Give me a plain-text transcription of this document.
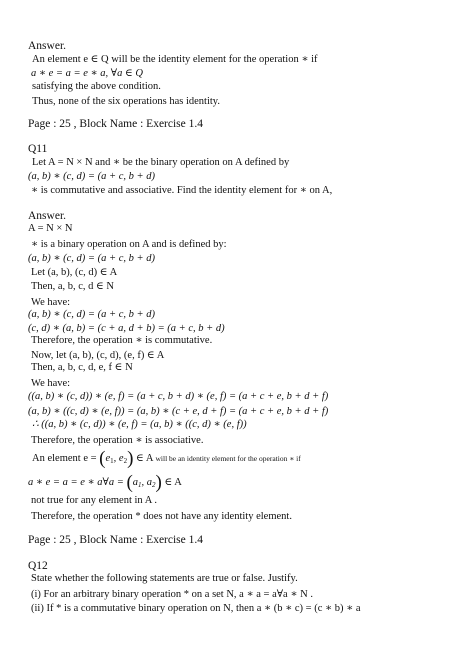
Answer.
An element e ∈ Q will be the identity element for the operation ∗ if
a ∗ e = a = e ∗ a, ∀a ∈ Q
satisfying the above condition.
Thus, none of the six operations has identity.
Page : 25 , Block Name : Exercise 1.4
Q11
Let A = N × N and ∗ be the binary operation on A defined by
(a, b) ∗ (c, d) = (a + c, b + d)
∗ is commutative and associative. Find the identity element for ∗ on A,
Answer.
A = N × N
∗ is a binary operation on A and is defined by:
(a, b) ∗ (c, d) = (a + c, b + d)
Let (a, b), (c, d) ∈ A
Then, a, b, c, d ∈ N
We have:
(a, b) ∗ (c, d) = (a + c, b + d)
(c, d) ∗ (a, b) = (c + a, d + b) = (a + c, b + d)
Therefore, the operation ∗ is commutative.
Now, let (a, b), (c, d), (e, f) ∈ A
Then, a, b, c, d, e, f ∈ N
We have:
((a, b) ∗ (c, d)) ∗ (e, f) = (a + c, b + d) ∗ (e, f) = (a + c + e, b + d + f)
(a, b) ∗ ((c, d) ∗ (e, f)) = (a, b) ∗ (c + e, d + f) = (a + c + e, b + d + f)
∴ ((a, b) ∗ (c, d)) ∗ (e, f) = (a, b) ∗ ((c, d) ∗ (e, f))
Therefore, the operation ∗ is associative.
An element $e = (e_1$, $e_2$) ∈ A will be an identity element for the operation ∗ if
a ∗ e = a = e ∗ a∀a = ($a_1$, $a_2$) ∈ A
not true for any element in A .
Therefore, the operation * does not have any identity element.
Page : 25 , Block Name : Exercise 1.4
Q12
State whether the following statements are true or false. Justify.
(i) For an arbitrary binary operation * on a set N, a ∗ a = a∀a ∗ N .
(ii) If * is a commutative binary operation on N, then a ∗ (b ∗ c) = (c ∗ b) ∗ a
